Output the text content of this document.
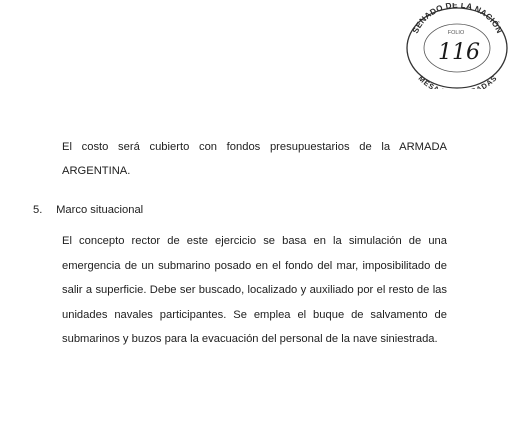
SENADO DE LA NACIÓN
MESA ADAS
FOLIO
116
El costo será cubierto con fondos presupuestarios de la ARMADA
ARGENTINA.
5. Marco situacional
El concepto rector de este ejercicio se basa en la simulación de una
emergencia de un submarino posado en el fondo del mar, imposibilitado de
salir a superficie. Debe ser buscado, localizado y auxiliado por el resto de las
unidades navales participantes. Se emplea el buque de salvamento de
submarinos y buzos para la evacuación del personal de la nave siniestrada.
